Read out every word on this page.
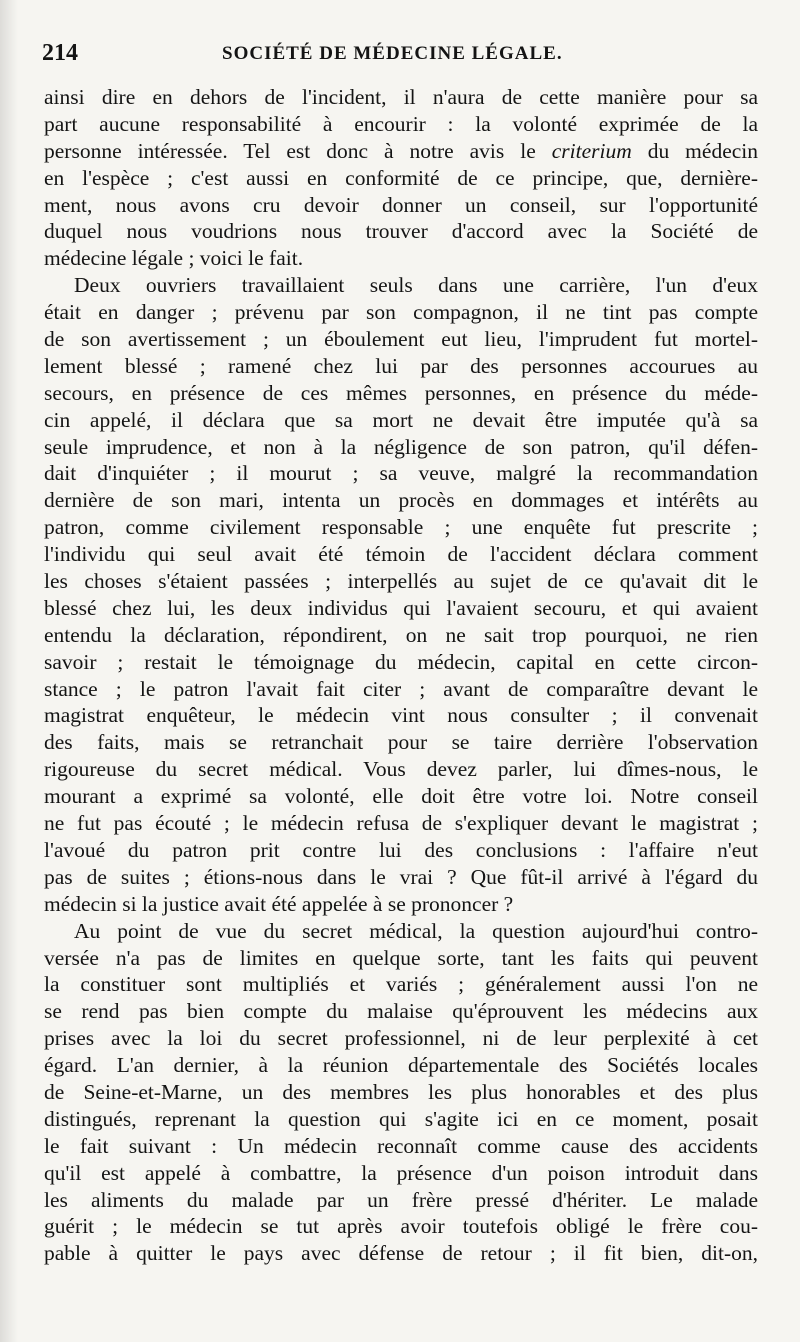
214	SOCIÉTÉ DE MÉDECINE LÉGALE.
ainsi dire en dehors de l'incident, il n'aura de cette manière pour sa
part aucune responsabilité à encourir : la volonté exprimée de la
personne intéressée. Tel est donc à notre avis le criterium du médecin
en l'espèce ; c'est aussi en conformité de ce principe, que, dernière-
ment, nous avons cru devoir donner un conseil, sur l'opportunité
duquel nous voudrions nous trouver d'accord avec la Société de
médecine légale ; voici le fait.
Deux ouvriers travaillaient seuls dans une carrière, l'un d'eux
était en danger ; prévenu par son compagnon, il ne tint pas compte
de son avertissement ; un éboulement eut lieu, l'imprudent fut mortel-
lement blessé ; ramené chez lui par des personnes accourues au
secours, en présence de ces mêmes personnes, en présence du méde-
cin appelé, il déclara que sa mort ne devait être imputée qu'à sa
seule imprudence, et non à la négligence de son patron, qu'il défen-
dait d'inquiéter ; il mourut ; sa veuve, malgré la recommandation
dernière de son mari, intenta un procès en dommages et intérêts au
patron, comme civilement responsable ; une enquête fut prescrite ;
l'individu qui seul avait été témoin de l'accident déclara comment
les choses s'étaient passées ; interpellés au sujet de ce qu'avait dit le
blessé chez lui, les deux individus qui l'avaient secouru, et qui avaient
entendu la déclaration, répondirent, on ne sait trop pourquoi, ne rien
savoir ; restait le témoignage du médecin, capital en cette circon-
stance ; le patron l'avait fait citer ; avant de comparaître devant le
magistrat enquêteur, le médecin vint nous consulter ; il convenait
des faits, mais se retranchait pour se taire derrière l'observation
rigoureuse du secret médical. Vous devez parler, lui dîmes-nous, le
mourant a exprimé sa volonté, elle doit être votre loi. Notre conseil
ne fut pas écouté ; le médecin refusa de s'expliquer devant le magistrat ;
l'avoué du patron prit contre lui des conclusions : l'affaire n'eut
pas de suites ; étions-nous dans le vrai ? Que fût-il arrivé à l'égard du
médecin si la justice avait été appelée à se prononcer ?
Au point de vue du secret médical, la question aujourd'hui contro-
versée n'a pas de limites en quelque sorte, tant les faits qui peuvent
la constituer sont multipliés et variés ; généralement aussi l'on ne
se rend pas bien compte du malaise qu'éprouvent les médecins aux
prises avec la loi du secret professionnel, ni de leur perplexité à cet
égard. L'an dernier, à la réunion départementale des Sociétés locales
de Seine-et-Marne, un des membres les plus honorables et des plus
distingués, reprenant la question qui s'agite ici en ce moment, posait
le fait suivant : Un médecin reconnaît comme cause des accidents
qu'il est appelé à combattre, la présence d'un poison introduit dans
les aliments du malade par un frère pressé d'hériter. Le malade
guérit ; le médecin se tut après avoir toutefois obligé le frère cou-
pable à quitter le pays avec défense de retour ; il fit bien, dit-on,
